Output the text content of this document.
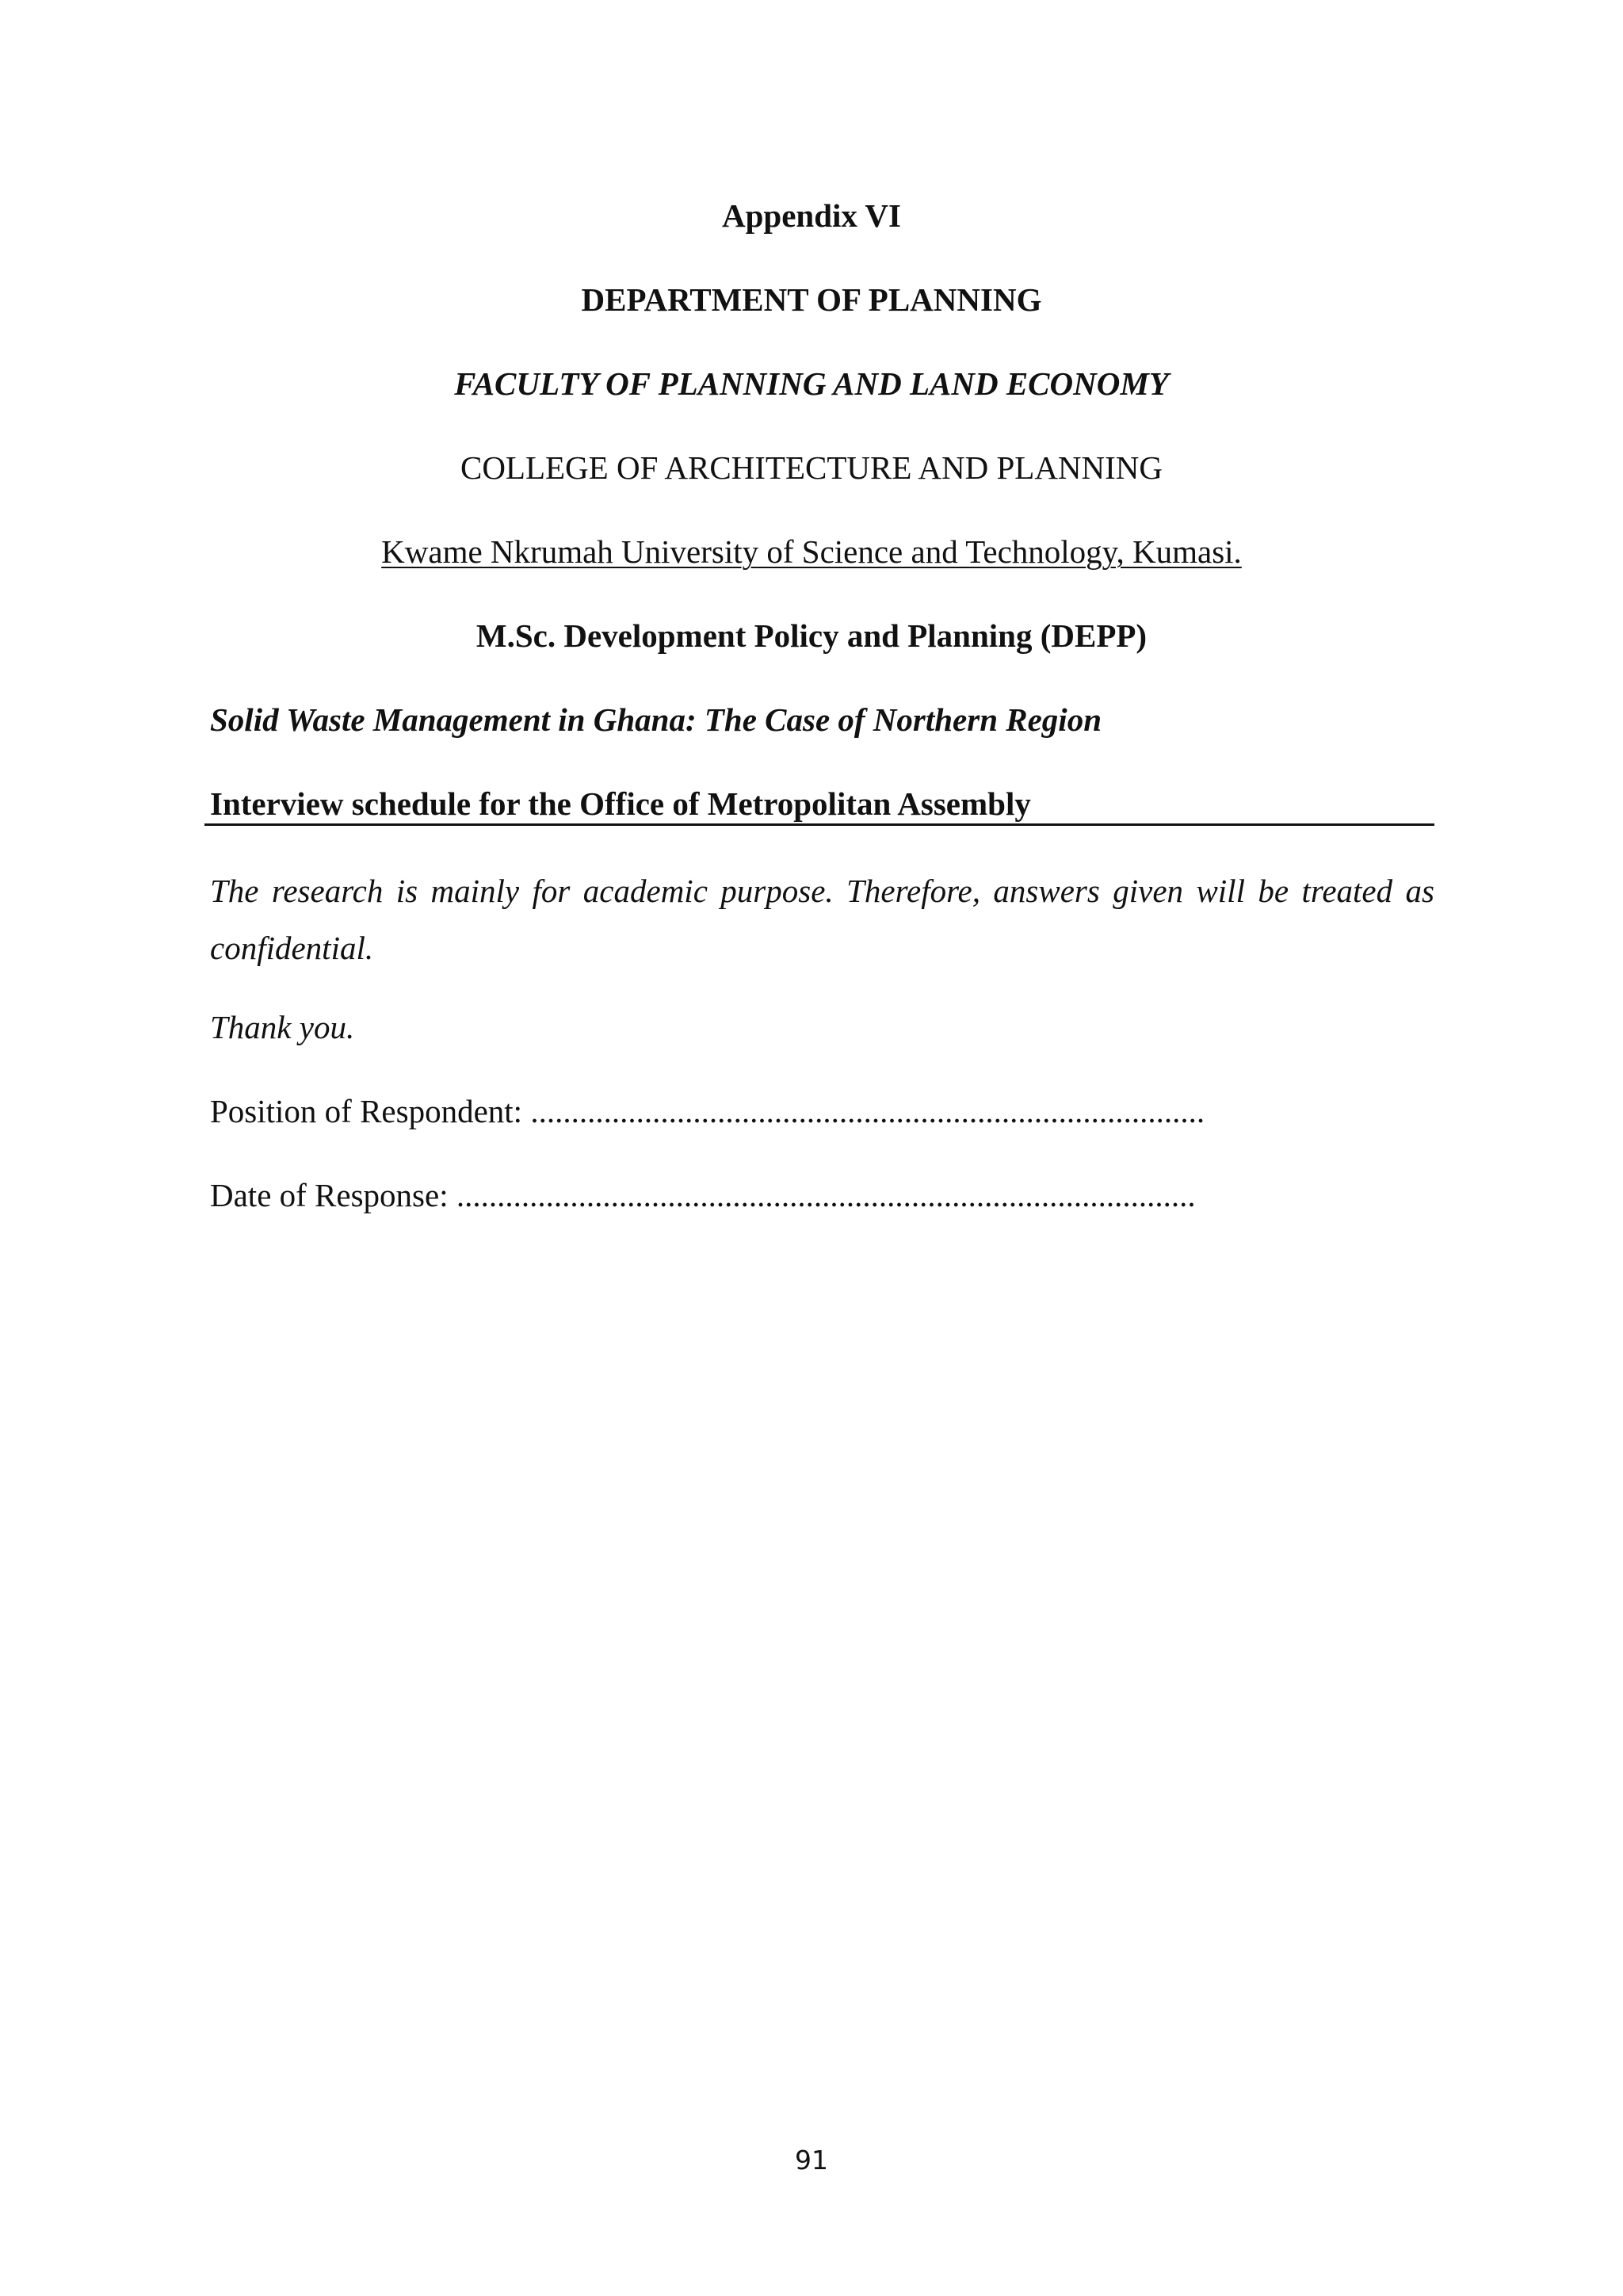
Appendix VI
DEPARTMENT OF PLANNING
FACULTY OF PLANNING AND LAND ECONOMY
COLLEGE OF ARCHITECTURE AND PLANNING
Kwame Nkrumah University of Science and Technology, Kumasi.
M.Sc. Development Policy and Planning (DEPP)
Solid Waste Management in Ghana: The Case of Northern Region
Interview schedule for the Office of Metropolitan Assembly
The research is mainly for academic purpose. Therefore, answers given will be treated as confidential.
Thank you.
Position of Respondent: ...................................................................................
Date of Response: ...........................................................................................
91
